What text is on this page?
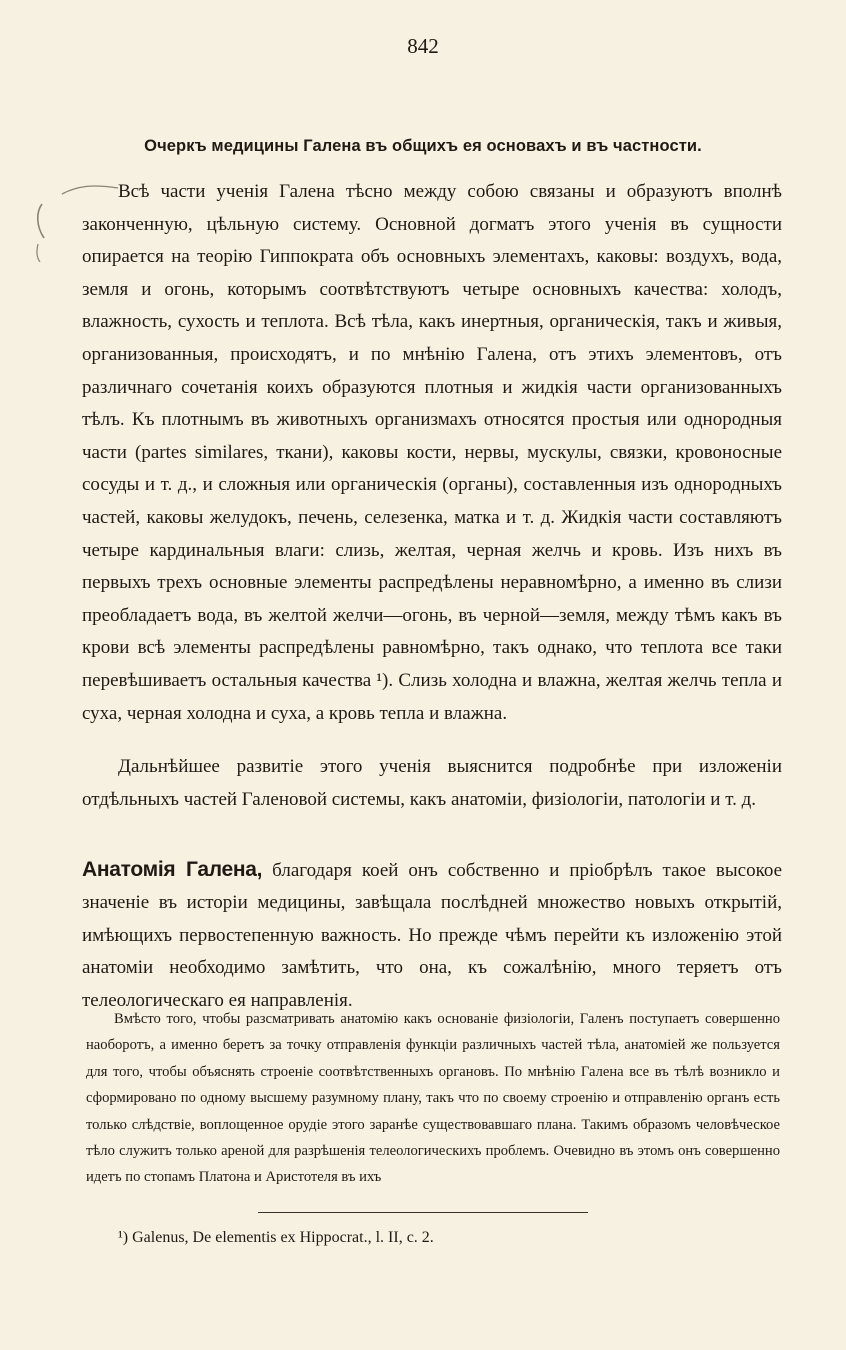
842
Очеркъ медицины Галена въ общихъ ея основахъ и въ частности.

Всѣ части ученія Галена тѣсно между собою связаны и образуютъ вполнѣ законченную, цѣльную систему. Основной догматъ этого ученія въ сущности опирается на теорію Гиппократа объ основныхъ элементахъ, каковы: воздухъ, вода, земля и огонь, которымъ соотвѣтствуютъ четыре основныхъ качества: холодъ, влажность, сухость и теплота. Всѣ тѣла, какъ инертныя, органическія, такъ и живыя, организованныя, происходятъ, и по мнѣнію Галена, отъ этихъ элементовъ, отъ различнаго сочетанія коихъ образуются плотныя и жидкія части организованныхъ тѣлъ. Къ плотнымъ въ животныхъ организмахъ относятся простыя или однородныя части (partes similares, ткани), каковы кости, нервы, мускулы, связки, кровоносные сосуды и т. д., и сложныя или органическія (органы), составленныя изъ однородныхъ частей, каковы желудокъ, печень, селезенка, матка и т. д. Жидкія части составляютъ четыре кардинальныя влаги: слизь, желтая, черная желчь и кровь. Изъ нихъ въ первыхъ трехъ основные элементы распредѣлены неравномѣрно, а именно въ слизи преобладаетъ вода, въ желтой желчи—огонь, въ черной—земля, между тѣмъ какъ въ крови всѣ элементы распредѣлены равномѣрно, такъ однако, что теплота все таки перевѣшиваетъ остальныя качества ¹). Слизь холодна и влажна, желтая желчь тепла и суха, черная холодна и суха, а кровь тепла и влажна.

Дальнѣйшее развитіе этого ученія выяснится подробнѣе при изложеніи отдѣльныхъ частей Галеновой системы, какъ анатоміи, физіологіи, патологіи и т. д.

Анатомія Галена, благодаря коей онъ собственно и пріобрѣлъ такое высокое значеніе въ исторіи медицины, завѣщала послѣдней множество новыхъ открытій, имѣющихъ первостепенную важность. Но прежде чѣмъ перейти къ изложенію этой анатоміи необходимо замѣтить, что она, къ сожалѣнію, много теряетъ отъ телеологическаго ея направленія.

Вмѣсто того, чтобы разсматривать анатомію какъ основаніе физіологіи, Галенъ поступаетъ совершенно наоборотъ, а именно беретъ за точку отправленія функціи различныхъ частей тѣла, анатоміей же пользуется для того, чтобы объяснять строеніе соотвѣтственныхъ органовъ. По мнѣнію Галена все въ тѣлѣ возникло и сформировано по одному высшему разумному плану, такъ что по своему строенію и отправленію органъ есть только слѣдствіе, воплощенное орудіе этого заранѣе существовавшаго плана. Такимъ образомъ человѣческое тѣло служитъ только ареной для разрѣшенія телеологическихъ проблемъ. Очевидно въ этомъ онъ совершенно идетъ по стопамъ Платона и Аристотеля въ ихъ

¹) Galenus, De elementis ex Hippocrat., l. II, c. 2.
